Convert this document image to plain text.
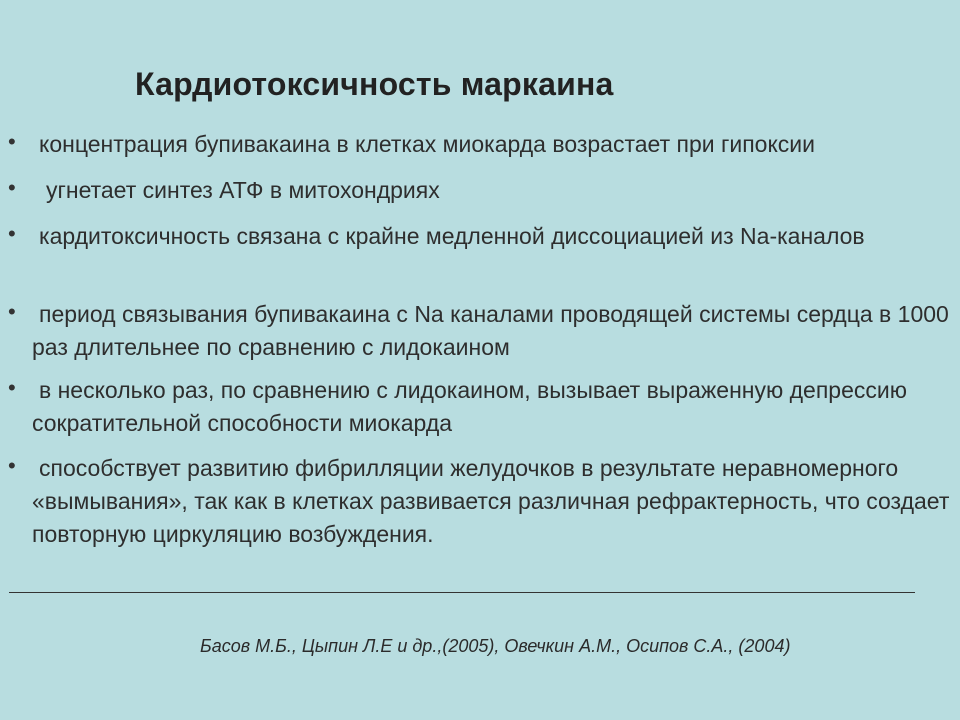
Кардиотоксичность маркаина
•	концентрация бупивакаина в клетках миокарда возрастает при гипоксии
•	угнетает синтез АТФ в митохондриях
•	кардитоксичность связана с крайне медленной диссоциацией из Na-каналов
•	период связывания бупивакаина с Na каналами проводящей системы сердца в 1000 раз длительнее по сравнению с лидокаином
•	в несколько раз, по сравнению с лидокаином, вызывает выраженную депрессию сократительной способности миокарда
•	способствует развитию фибрилляции желудочков в результате неравномерного «вымывания», так как в клетках развивается различная рефрактерность, что создает повторную циркуляцию возбуждения.

Басов М.Б., Цыпин Л.Е и др.,(2005), Овечкин А.М., Осипов С.А., (2004)
